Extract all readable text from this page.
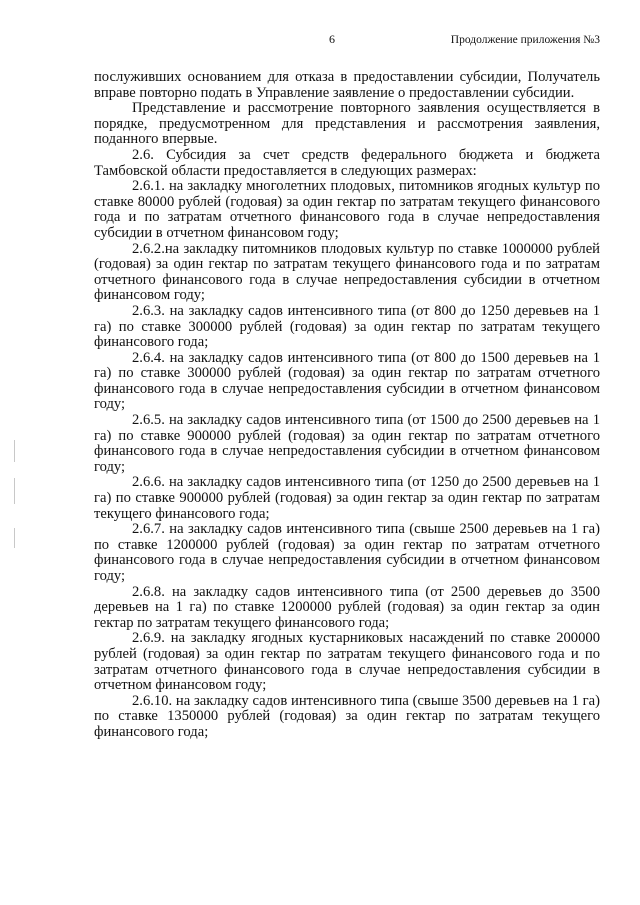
6	Продолжение приложения №3

послуживших основанием для отказа в предоставлении субсидии, Получатель вправе повторно подать в Управление заявление о предоставлении субсидии.

Представление и рассмотрение повторного заявления осуществляется в порядке, предусмотренном для представления и рассмотрения заявления, поданного впервые.

2.6. Субсидия за счет средств федерального бюджета и бюджета Тамбовской области предоставляется в следующих размерах:

2.6.1. на закладку многолетних плодовых, питомников ягодных культур по ставке 80000 рублей (годовая) за один гектар по затратам текущего финансового года и по затратам отчетного финансового года в случае непредоставления субсидии в отчетном финансовом году;

2.6.2.на закладку питомников плодовых культур по ставке 1000000 рублей (годовая) за один гектар по затратам текущего финансового года и по затратам отчетного финансового года в случае непредоставления субсидии в отчетном финансовом году;

2.6.3. на закладку садов интенсивного типа (от 800 до 1250 деревьев на 1 га) по ставке 300000 рублей (годовая) за один гектар по затратам текущего финансового года;

2.6.4. на закладку садов интенсивного типа (от 800 до 1500 деревьев на 1 га) по ставке 300000 рублей (годовая) за один гектар по затратам отчетного финансового года в случае непредоставления субсидии в отчетном финансовом году;

2.6.5. на закладку садов интенсивного типа (от 1500 до 2500 деревьев на 1 га) по ставке 900000 рублей (годовая) за один гектар по затратам отчетного финансового года в случае непредоставления субсидии в отчетном финансовом году;

2.6.6. на закладку садов интенсивного типа (от 1250 до 2500 деревьев на 1 га) по ставке 900000 рублей (годовая) за один гектар за один гектар по затратам текущего финансового года;

2.6.7. на закладку садов интенсивного типа (свыше 2500 деревьев на 1 га) по ставке 1200000 рублей (годовая) за один гектар по затратам отчетного финансового года в случае непредоставления субсидии в отчетном финансовом году;

2.6.8. на закладку садов интенсивного типа (от 2500 деревьев до 3500 деревьев на 1 га) по ставке 1200000 рублей (годовая) за один гектар за один гектар по затратам текущего финансового года;

2.6.9. на закладку ягодных кустарниковых насаждений по ставке 200000 рублей (годовая) за один гектар по затратам текущего финансового года и по затратам отчетного финансового года в случае непредоставления субсидии в отчетном финансовом году;

2.6.10. на закладку садов интенсивного типа (свыше 3500 деревьев на 1 га) по ставке 1350000 рублей (годовая) за один гектар по затратам текущего финансового года;
